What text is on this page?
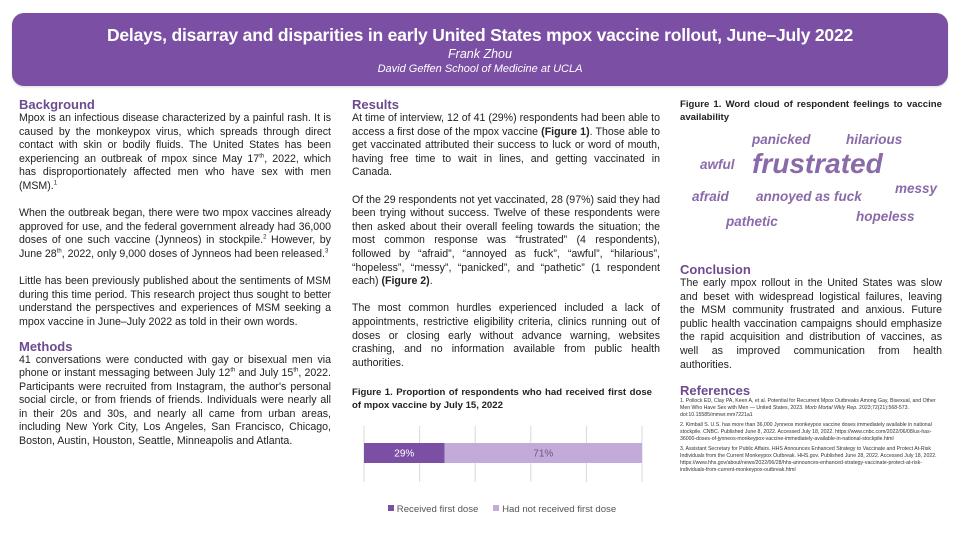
Delays, disarray and disparities in early United States mpox vaccine rollout, June–July 2022
Frank Zhou
David Geffen School of Medicine at UCLA
Background

Mpox is an infectious disease characterized by a painful rash. It is caused by the monkeypox virus, which spreads through direct contact with skin or bodily fluids. The United States has been experiencing an outbreak of mpox since May 17th, 2022, which has disproportionately affected men who have sex with men (MSM).$^1$

When the outbreak began, there were two mpox vaccines already approved for use, and the federal government already had 36,000 doses of one such vaccine (Jynneos) in stockpile.$^2$ However, by June 28th, 2022, only 9,000 doses of Jynneos had been released.$^3$

Little has been previously published about the sentiments of MSM during this time period. This research project thus sought to better understand the perspectives and experiences of MSM seeking a mpox vaccine in June–July 2022 as told in their own words.

Methods

41 conversations were conducted with gay or bisexual men via phone or instant messaging between July 12th and July 15th, 2022. Participants were recruited from Instagram, the author's personal social circle, or from friends of friends. Individuals were nearly all in their 20s and 30s, and nearly all came from urban areas, including New York City, Los Angeles, San Francisco, Chicago, Boston, Austin, Houston, Seattle, Minneapolis and Atlanta.

Results

At time of interview, 12 of 41 (29%) respondents had been able to access a first dose of the mpox vaccine (Figure 1). Those able to get vaccinated attributed their success to luck or word of mouth, having free time to wait in lines, and getting vaccinated in Canada.

Of the 29 respondents not yet vaccinated, 28 (97%) said they had been trying without success. Twelve of these respondents were then asked about their overall feeling towards the situation; the most common response was “frustrated” (4 respondents), followed by “afraid”, “annoyed as fuck”, “awful”, “hilarious”, “hopeless”, “messy”, “panicked”, and “pathetic” (1 respondent each) (Figure 2).

The most common hurdles experienced included a lack of appointments, restrictive eligibility criteria, clinics running out of doses or closing early without advance warning, websites crashing, and no information available from public health authorities.

Figure 1. Proportion of respondents who had received first dose of mpox vaccine by July 15, 2022

29%	71%
Received first dose Had not received first dose

Figure 1. Word cloud of respondent feelings to vaccine availability

panicked	hilarious
awful frustrated
messy
afraid annoyed as fuck
hopeless
pathetic
Conclusion

The early mpox rollout in the United States was slow and beset with widespread logistical failures, leaving the MSM community frustrated and anxious. Future public health vaccination campaigns should emphasize the rapid acquisition and distribution of vaccines, as well as improved communication from health authorities.

References

1. Pollock ED, Clay PA, Keen A, et al. Potential for Recurrent Mpox Outbreaks Among Gay, Bisexual, and Other Men Who Have Sex with Men — United States, 2023. Morb Mortal Wkly Rep. 2023;72(21):568-573. doi:10.15585/mmwr.mm7221a1

2. Kimball S. U.S. has more than 36,000 Jynneos monkeypox vaccine doses immediately available in national stockpile. CNBC. Published June 8, 2022. Accessed July 18, 2022. https://www.cnbc.com/2022/06/08/us-has-36000-doses-of-jynneos-monkeypox-vaccine-immediately-available-in-national-stockpile.html

3. Assistant Secretary for Public Affairs. HHS Announces Enhanced Strategy to Vaccinate and Protect At-Risk Individuals from the Current Monkeypox Outbreak. HHS.gov. Published June 28, 2022. Accessed July 18, 2022. https://www.hhs.gov/about/news/2022/06/28/hhs-announces-enhanced-strategy-vaccinate-protect-at-risk-individuals-from-current-monkeypox-outbreak.html
